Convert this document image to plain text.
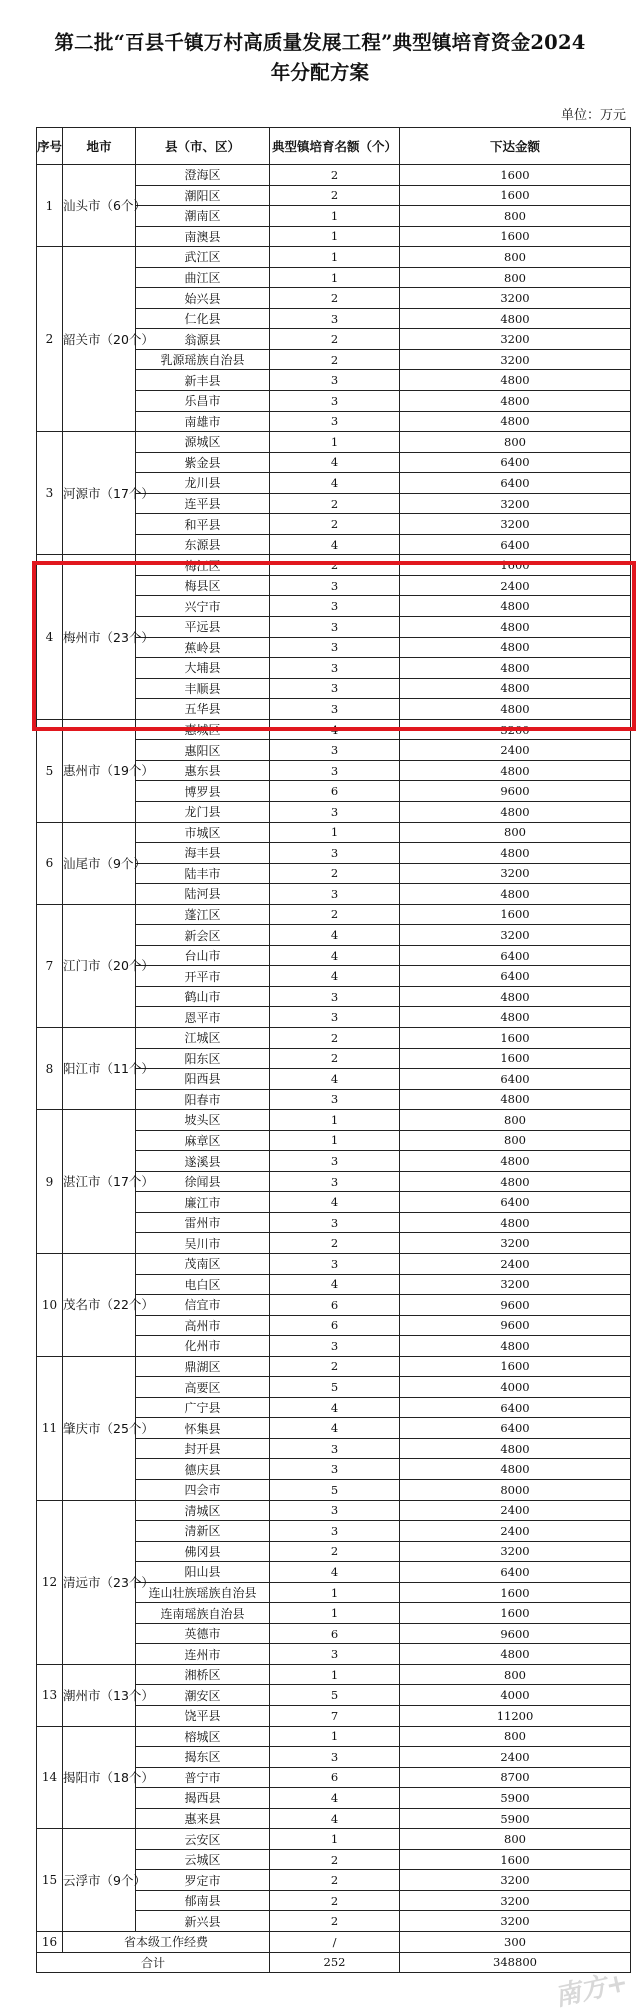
第二批“百县千镇万村高质量发展工程”典型镇培育资金2024
年分配方案
单位：万元
序号	地市	县（市、区）	典型镇培育名额（个）	下达金额
1	汕头市（6个）	澄海区	2	1600
		潮阳区	2	1600
		潮南区	1	800
		南澳县	1	1600
2	韶关市（20个）	武江区	1	800
		曲江区	1	800
		始兴县	2	3200
		仁化县	3	4800
		翁源县	2	3200
		乳源瑶族自治县	2	3200
		新丰县	3	4800
		乐昌市	3	4800
		南雄市	3	4800
3	河源市（17个）	源城区	1	800
		紫金县	4	6400
		龙川县	4	6400
		连平县	2	3200
		和平县	2	3200
		东源县	4	6400
4	梅州市（23个）	梅江区	2	1600
		梅县区	3	2400
		兴宁市	3	4800
		平远县	3	4800
		蕉岭县	3	4800
		大埔县	3	4800
		丰顺县	3	4800
		五华县	3	4800
5	惠州市（19个）	惠城区	4	3200
		惠阳区	3	2400
		惠东县	3	4800
		博罗县	6	9600
		龙门县	3	4800
6	汕尾市（9个）	市城区	1	800
		海丰县	3	4800
		陆丰市	2	3200
		陆河县	3	4800
7	江门市（20个）	蓬江区	2	1600
		新会区	4	3200
		台山市	4	6400
		开平市	4	6400
		鹤山市	3	4800
		恩平市	3	4800
8	阳江市（11个）	江城区	2	1600
		阳东区	2	1600
		阳西县	4	6400
		阳春市	3	4800
9	湛江市（17个）	坡头区	1	800
		麻章区	1	800
		遂溪县	3	4800
		徐闻县	3	4800
		廉江市	4	6400
		雷州市	3	4800
		吴川市	2	3200
10	茂名市（22个）	茂南区	3	2400
		电白区	4	3200
		信宜市	6	9600
		高州市	6	9600
		化州市	3	4800
11	肇庆市（25个）	鼎湖区	2	1600
		高要区	5	4000
		广宁县	4	6400
		怀集县	4	6400
		封开县	3	4800
		德庆县	3	4800
		四会市	5	8000
12	清远市（23个）	清城区	3	2400
		清新区	3	2400
		佛冈县	2	3200
		阳山县	4	6400
		连山壮族瑶族自治县	1	1600
		连南瑶族自治县	1	1600
		英德市	6	9600
		连州市	3	4800
13	潮州市（13个）	湘桥区	1	800
		潮安区	5	4000
		饶平县	7	11200
14	揭阳市（18个）	榕城区	1	800
		揭东区	3	2400
		普宁市	6	8700
		揭西县	4	5900
		惠来县	4	5900
15	云浮市（9个）	云安区	1	800
		云城区	2	1600
		罗定市	2	3200
		郁南县	2	3200
		新兴县	2	3200
16	省本级工作经费		/	300
合计			252	348800
南方+
